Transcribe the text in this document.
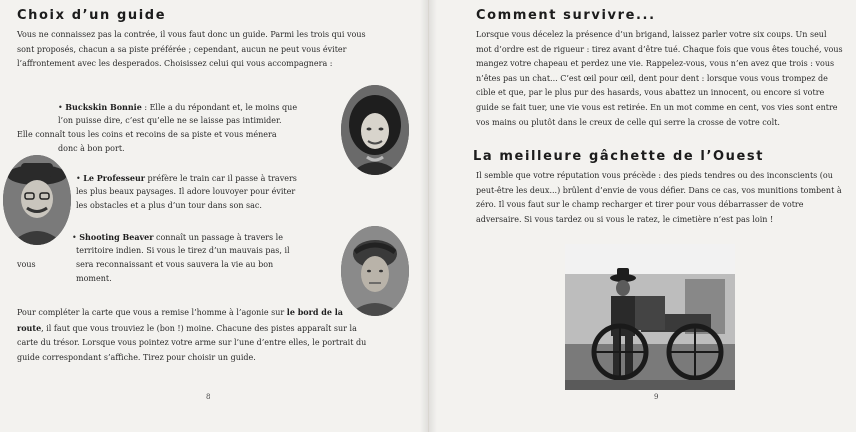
Choix d’un guide

Vous ne connaissez pas la contrée, il vous faut donc un guide. Parmi les trois qui vous sont proposés, chacun a sa piste préférée ; cependant, aucun ne peut vous éviter l’affrontement avec les desperados. Choisissez celui qui vous accompagnera :

• Buckskin Bonnie : Elle a du répondant et, le moins que
l’on puisse dire, c’est qu’elle ne se laisse pas intimider.
Elle connaît tous les coins et recoins de sa piste et vous ménera
donc à bon port.
• Le Professeur préfère le train car il passe à travers
les plus beaux paysages. Il adore louvoyer pour éviter
les obstacles et a plus d’un tour dans son sac.
• Shooting Beaver connaît un passage à travers le
territoire indien. Si vous le tirez d’un mauvais pas, il
vous	sera reconnaissant et vous sauvera la vie au bon
moment.

Pour compléter la carte que vous a remise l’homme à l’agonie sur le bord de la route, il faut que vous trouviez le (bon !) moine. Chacune des pistes apparaît sur la carte du trésor. Lorsque vous pointez votre arme sur l’une d’entre elles, le portrait du guide correspondant s’affiche. Tirez pour choisir un guide.

8
Comment survivre...

Lorsque vous décelez la présence d’un brigand, laissez parler votre six coups. Un seul mot d’ordre est de rigueur : tirez avant d’être tué. Chaque fois que vous êtes touché, vous mangez votre chapeau et perdez une vie. Rappelez-vous, vous n’en avez que trois : vous n’êtes pas un chat... C’est œil pour œil, dent pour dent : lorsque vous vous trompez de cible et que, par le plus pur des hasards, vous abattez un innocent, ou encore si votre guide se fait tuer, une vie vous est retirée. En un mot comme en cent, vos vies sont entre vos mains ou plutôt dans le creux de celle qui serre la crosse de votre colt.

La meilleure gâchette de l’Ouest

Il semble que votre réputation vous précède : des pieds tendres ou des inconscients (ou peut-être les deux...) brûlent d’envie de vous défier. Dans ce cas, vos munitions tombent à zéro. Il vous faut sur le champ recharger et tirer pour vous débarrasser de votre adversaire. Si vous tardez ou si vous le ratez, le cimetière n’est pas loin !

9
